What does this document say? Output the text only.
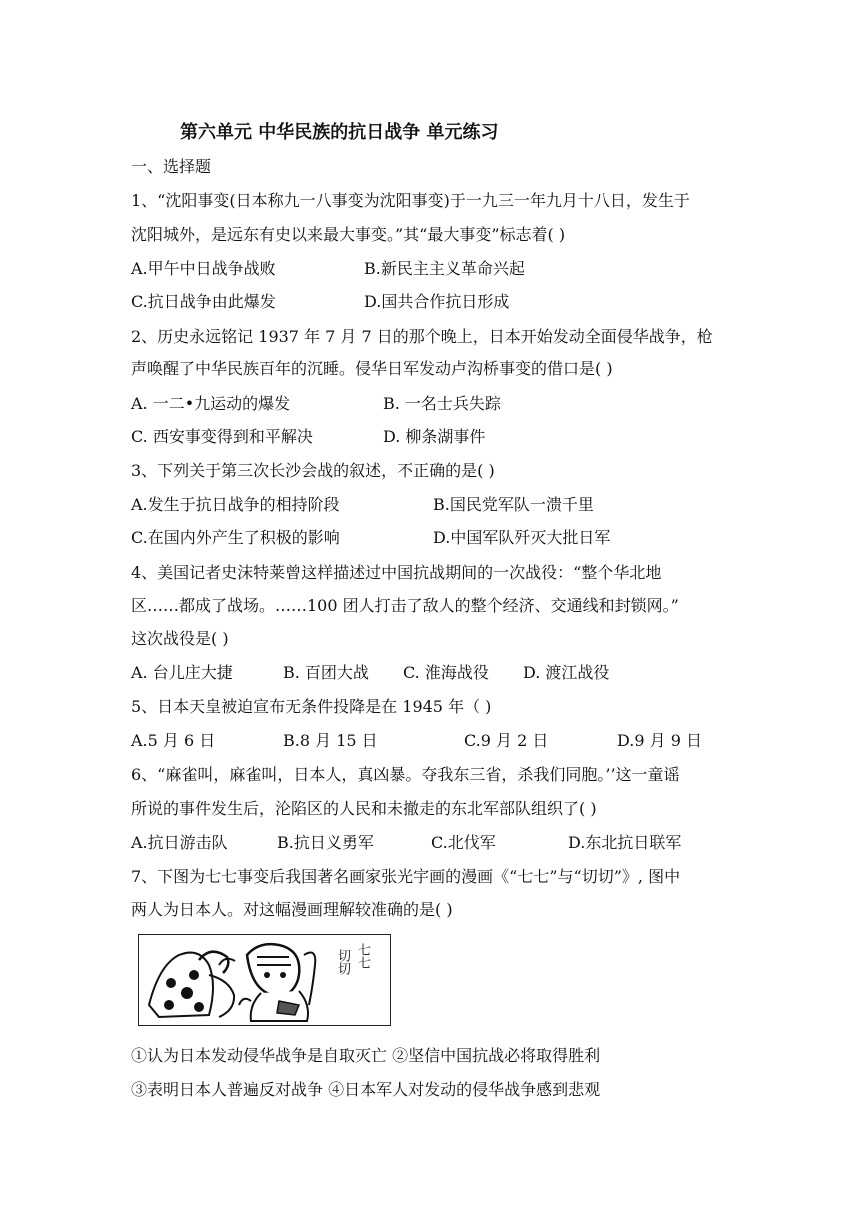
第六单元 中华民族的抗日战争 单元练习
一、选择题
1、“沈阳事变(日本称九一八事变为沈阳事变)于一九三一年九月十八日，发生于
沈阳城外，是远东有史以来最大事变。”其“最大事变”标志着( )
A.甲午中日战争战败	B.新民主主义革命兴起
C.抗日战争由此爆发	D.国共合作抗日形成
2、历史永远铭记 1937 年 7 月 7 日的那个晚上，日本开始发动全面侵华战争，枪
声唤醒了中华民族百年的沉睡。侵华日军发动卢沟桥事变的借口是( )
A. 一二•九运动的爆发	B. 一名士兵失踪
C. 西安事变得到和平解决	D. 柳条湖事件
3、下列关于第三次长沙会战的叙述，不正确的是( )
A.发生于抗日战争的相持阶段	B.国民党军队一溃千里
C.在国内外产生了积极的影响	D.中国军队歼灭大批日军
4、美国记者史沫特莱曾这样描述过中国抗战期间的一次战役：“整个华北地
区……都成了战场。……100 团人打击了敌人的整个经济、交通线和封锁网。”
这次战役是( )
A. 台儿庄大捷	B. 百团大战 C. 淮海战役 D. 渡江战役
5、日本天皇被迫宣布无条件投降是在 1945 年（ )
A.5 月 6 日	B.8 月 15 日	C.9 月 2 日	D.9 月 9 日
6、“麻雀叫，麻雀叫，日本人，真凶暴。夺我东三省，杀我们同胞。’’这一童谣
所说的事件发生后，沦陷区的人民和未撤走的东北军部队组织了( )
A.抗日游击队	B.抗日义勇军	C.北伐军	D.东北抗日联军
7、下图为七七事变后我国著名画家张光宇画的漫画《“七七”与“切切”》, 图中
两人为日本人。对这幅漫画理解较准确的是( )
切切 七七
①认为日本发动侵华战争是自取灭亡 ②坚信中国抗战必将取得胜利
③表明日本人普遍反对战争 ④日本军人对发动的侵华战争感到悲观
